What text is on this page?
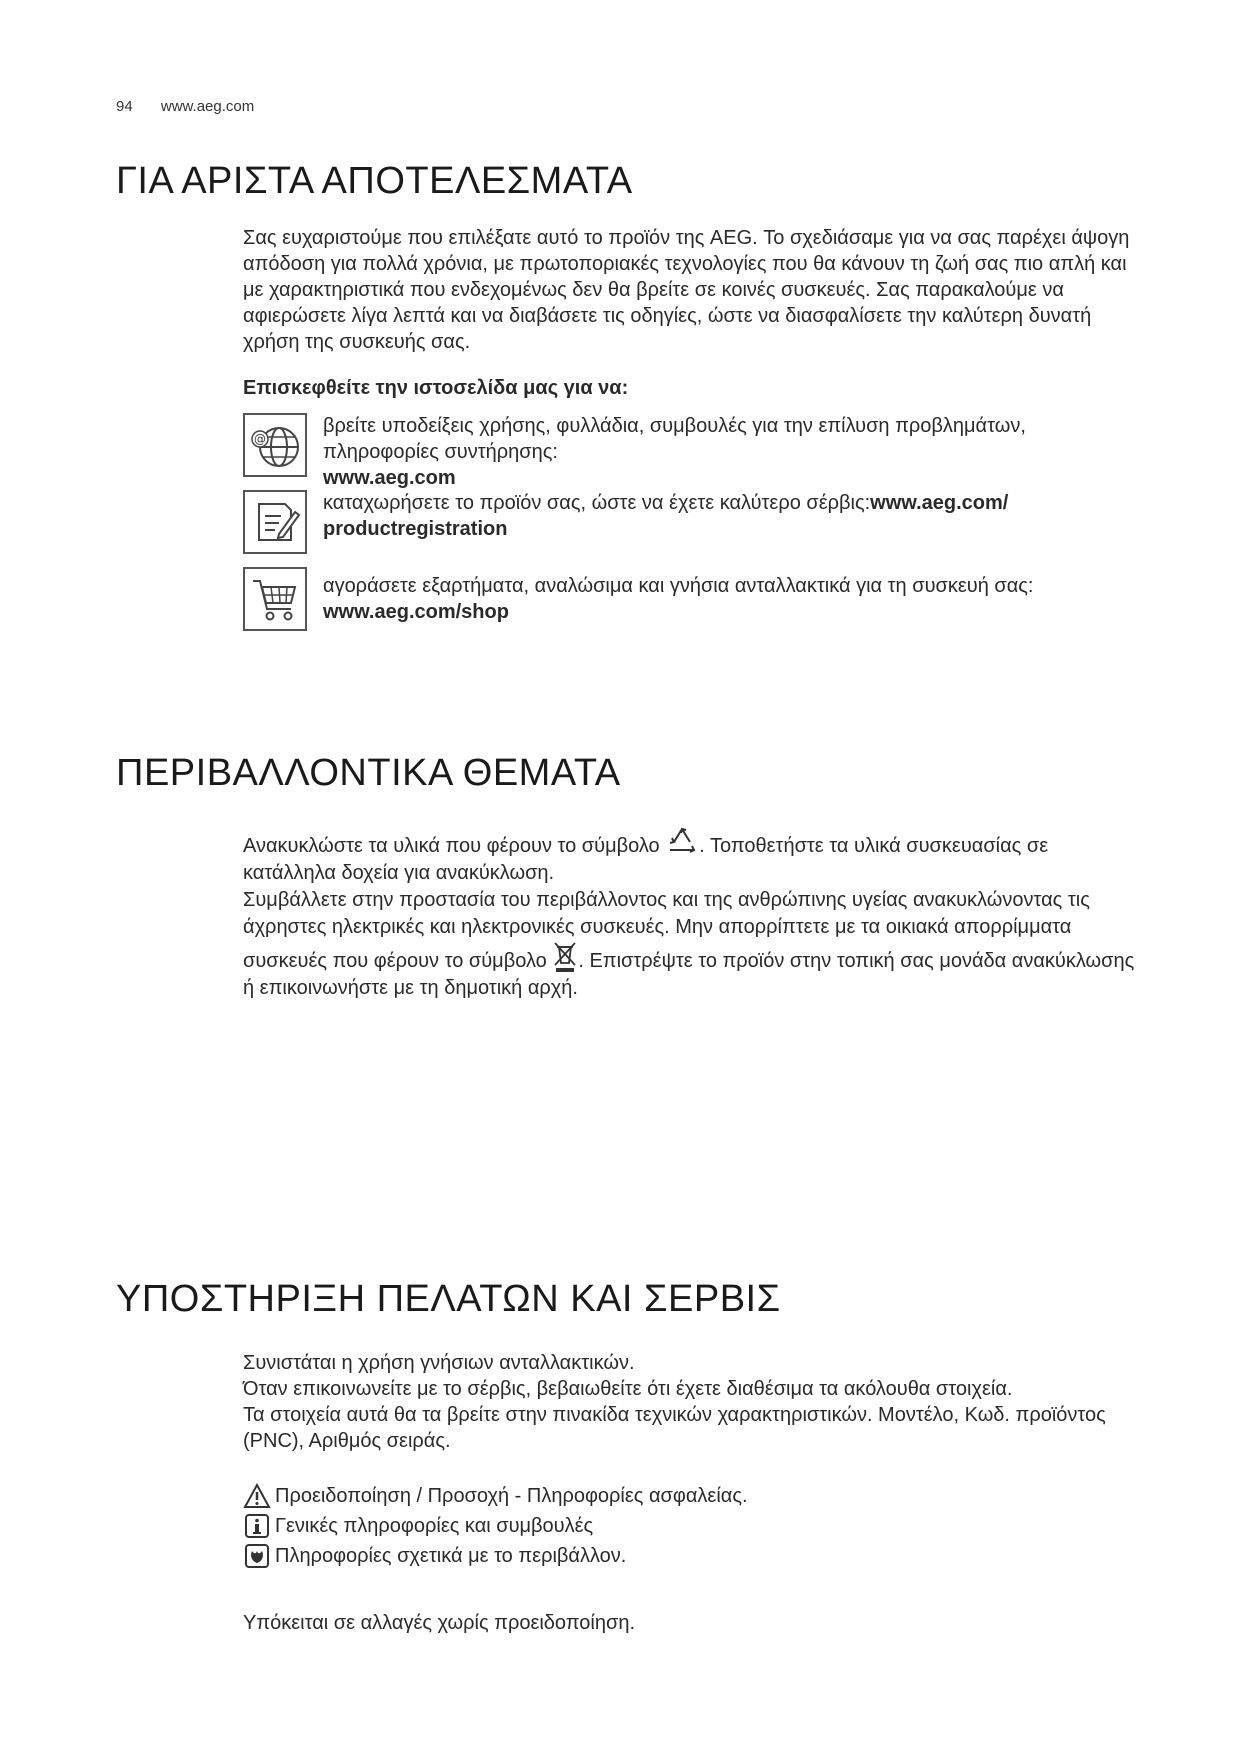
94 www.aeg.com
ΓΙΑ ΑΡΙΣΤΑ ΑΠΟΤΕΛΕΣΜΑΤΑ

Σας ευχαριστούμε που επιλέξατε αυτό το προϊόν της AEG. Το σχεδιάσαμε για να σας παρέχει άψογη απόδοση για πολλά χρόνια, με πρωτοποριακές τεχνολογίες που θα κάνουν τη ζωή σας πιο απλή και με χαρακτηριστικά που ενδεχομένως δεν θα βρείτε σε κοινές συσκευές. Σας παρακαλούμε να αφιερώσετε λίγα λεπτά και να διαβάσετε τις οδηγίες, ώστε να διασφαλίσετε την καλύτερη δυνατή χρήση της συσκευής σας.

Επισκεφθείτε την ιστοσελίδα μας για να:
@
βρείτε υποδείξεις χρήσης, φυλλάδια, συμβουλές για την επίλυση προβλημάτων, πληροφορίες συντήρησης:
www.aeg.com
καταχωρήσετε το προϊόν σας, ώστε να έχετε καλύτερο σέρβις:www.aeg.com/ productregistration
αγοράσετε εξαρτήματα, αναλώσιμα και γνήσια ανταλλακτικά για τη συσκευή σας:
www.aeg.com/shop
ΠΕΡΙΒΑΛΛΟΝΤΙΚΑ ΘΕΜΑΤΑ

Ανακυκλώστε τα υλικά που φέρουν το σύμβολο . Τοποθετήστε τα υλικά συσκευασίας σε κατάλληλα δοχεία για ανακύκλωση.

Συμβάλλετε στην προστασία του περιβάλλοντος και της ανθρώπινης υγείας ανακυκλώνοντας τις άχρηστες ηλεκτρικές και ηλεκτρονικές συσκευές. Μην απορρίπτετε με τα οικιακά απορρίμματα συσκευές που φέρουν το σύμβολο . Επιστρέψτε το προϊόν στην τοπική σας μονάδα ανακύκλωσης ή επικοινωνήστε με τη δημοτική αρχή.

ΥΠΟΣΤΗΡΙΞΗ ΠΕΛΑΤΩΝ ΚΑΙ ΣΕΡΒΙΣ

Συνιστάται η χρήση γνήσιων ανταλλακτικών.

Όταν επικοινωνείτε με το σέρβις, βεβαιωθείτε ότι έχετε διαθέσιμα τα ακόλουθα στοιχεία.

Τα στοιχεία αυτά θα τα βρείτε στην πινακίδα τεχνικών χαρακτηριστικών. Μοντέλο, Κωδ. προϊόντος (PNC), Αριθμός σειράς.

Προειδοποίηση / Προσοχή - Πληροφορίες ασφαλείας.
Γενικές πληροφορίες και συμβουλές
Πληροφορίες σχετικά με το περιβάλλον.
Υπόκειται σε αλλαγές χωρίς προειδοποίηση.
